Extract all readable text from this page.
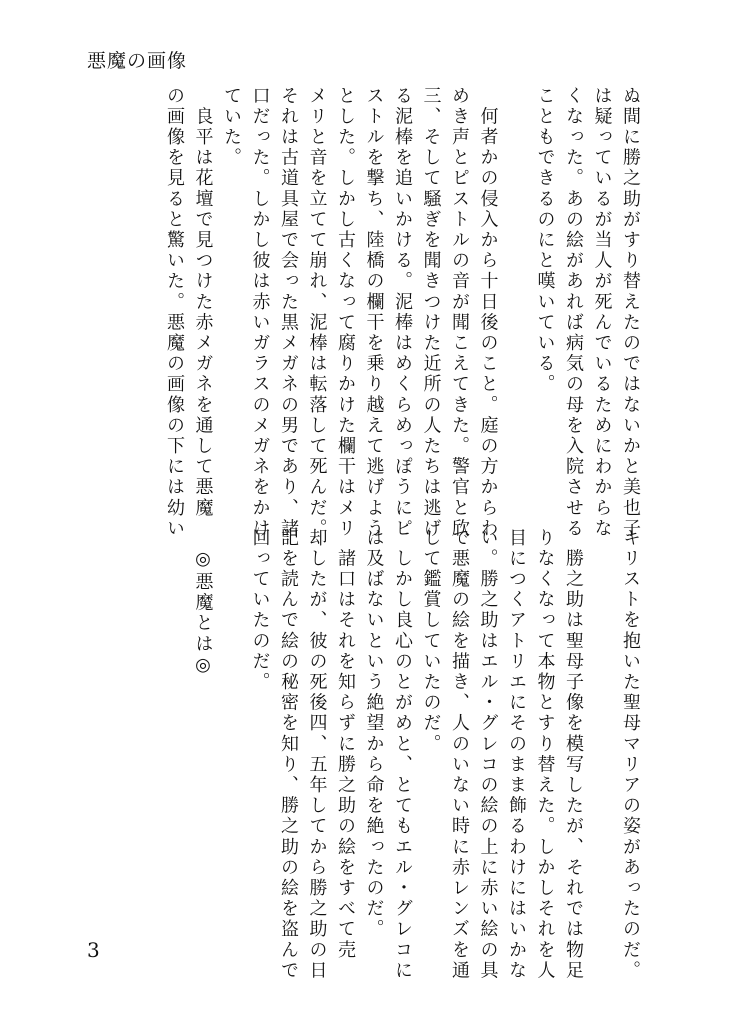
悪魔の画像
ぬ間に勝之助がすり替えたのではないかと美也子
は疑っているが当人が死んでいるためにわからな
くなった。あの絵があれば病気の母を入院させる
こともできるのにと嘆いている。
　何者かの侵入から十日後のこと。庭の方からわ
めき声とピストルの音が聞こえてきた。警官と欣
三、そして騒ぎを聞きつけた近所の人たちは逃げ
る泥棒を追いかける。泥棒はめくらめっぽうにピ
ストルを撃ち、陸橋の欄干を乗り越えて逃げよう
とした。しかし古くなって腐りかけた欄干はメリ
メリと音を立てて崩れ、泥棒は転落して死んだ。
それは古道具屋で会った黒メガネの男であり、諸
口だった。しかし彼は赤いガラスのメガネをかけ
ていた。
　良平は花壇で見つけた赤メガネを通して悪魔
の画像を見ると驚いた。悪魔の画像の下には幼い
キリストを抱いた聖母マリアの姿があったのだ。
　勝之助は聖母子像を模写したが、それでは物足
りなくなって本物とすり替えた。しかしそれを人
目につくアトリエにそのまま飾るわけにはいかな
い。勝之助はエル・グレコの絵の上に赤い絵の具
で悪魔の絵を描き、人のいない時に赤レンズを通
して鑑賞していたのだ。
　しかし良心のとがめと、とてもエル・グレコに
は及ばないという絶望から命を絶ったのだ。
　諸口はそれを知らずに勝之助の絵をすべて売
却したが、彼の死後四、五年してから勝之助の日
記を読んで絵の秘密を知り、勝之助の絵を盗んで
回っていたのだ。
　◎悪魔とは◎
3
